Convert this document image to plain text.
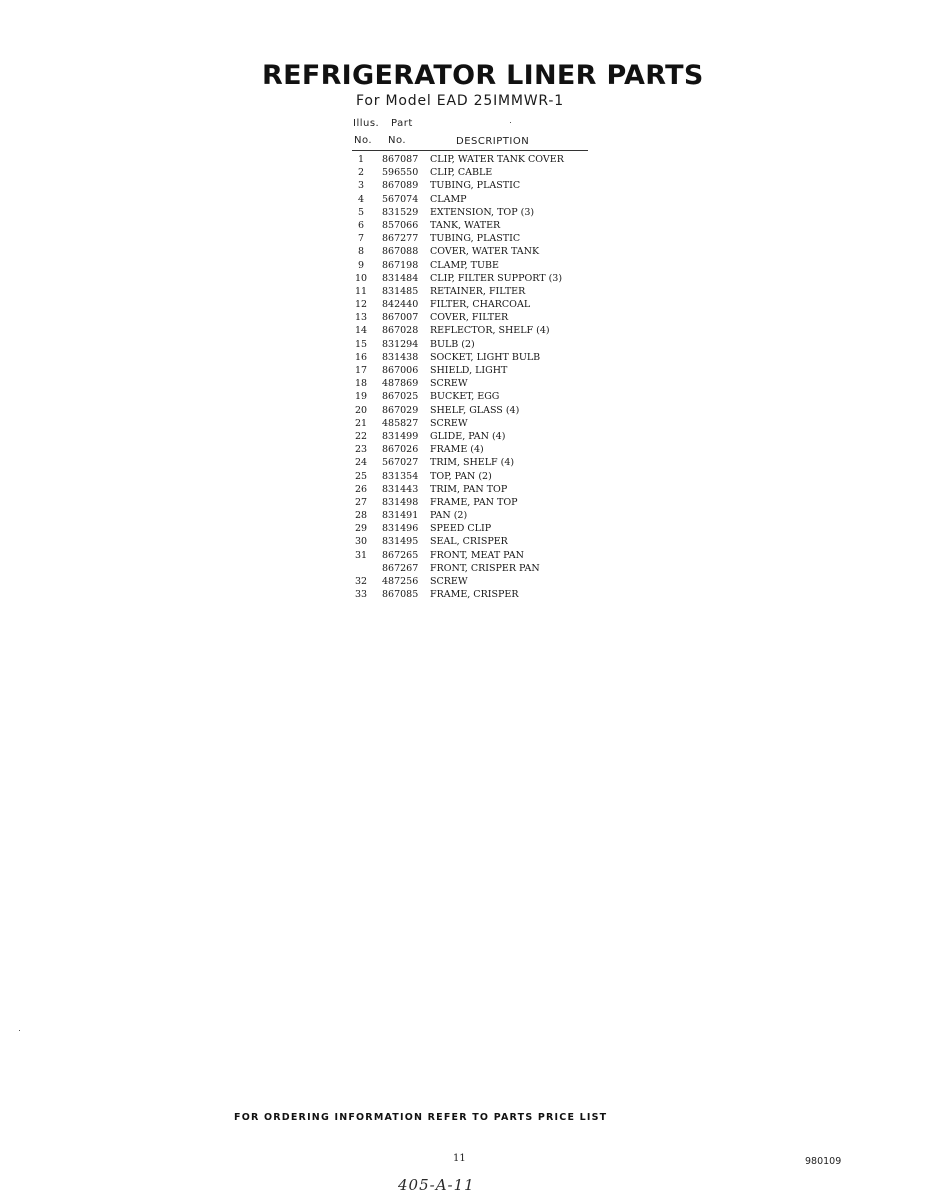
REFRIGERATOR LINER PARTS
For Model EAD 25IMMWR-1
Illus. Part
No. No.	DESCRIPTION
1	867087 CLIP, WATER TANK COVER
2	596550 CLIP, CABLE
3	867089 TUBING, PLASTIC
4	567074 CLAMP
5	831529 EXTENSION, TOP (3)
6	857066 TANK, WATER
7	867277 TUBING, PLASTIC
8	867088 COVER, WATER TANK
9	867198 CLAMP, TUBE
10 831484 CLIP, FILTER SUPPORT (3)
11 831485 RETAINER, FILTER
12 842440 FILTER, CHARCOAL
13 867007 COVER, FILTER
14 867028 REFLECTOR, SHELF (4)
15 831294 BULB (2)
16 831438 SOCKET, LIGHT BULB
17 867006 SHIELD, LIGHT
18 487869 SCREW
19 867025 BUCKET, EGG
20 867029 SHELF, GLASS (4)
21 485827 SCREW
22 831499 GLIDE, PAN (4)
23 867026 FRAME (4)
24 567027 TRIM, SHELF (4)
25 831354 TOP, PAN (2)
26 831443 TRIM, PAN TOP
27 831498 FRAME, PAN TOP
28 831491 PAN (2)
29 831496 SPEED CLIP
30 831495 SEAL, CRISPER
31 867265 FRONT, MEAT PAN
867267 FRONT, CRISPER PAN
32 487256 SCREW
33 867085 FRAME, CRISPER
FOR ORDERING INFORMATION REFER TO PARTS PRICE LIST
11	980109
405-A-11
